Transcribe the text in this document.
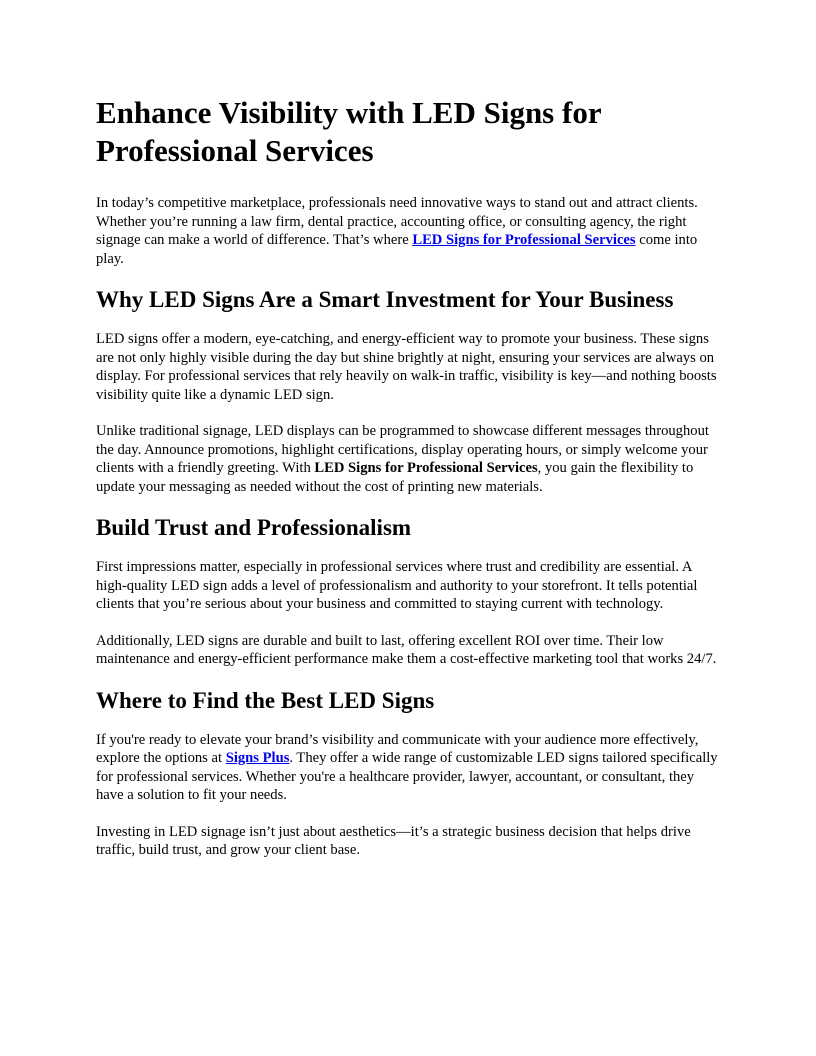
Enhance Visibility with LED Signs for Professional Services

In today’s competitive marketplace, professionals need innovative ways to stand out and attract clients. Whether you’re running a law firm, dental practice, accounting office, or consulting agency, the right signage can make a world of difference. That’s where LED Signs for Professional Services come into play.

Why LED Signs Are a Smart Investment for Your Business

LED signs offer a modern, eye-catching, and energy-efficient way to promote your business. These signs are not only highly visible during the day but shine brightly at night, ensuring your services are always on display. For professional services that rely heavily on walk-in traffic, visibility is key—and nothing boosts visibility quite like a dynamic LED sign.

Unlike traditional signage, LED displays can be programmed to showcase different messages throughout the day. Announce promotions, highlight certifications, display operating hours, or simply welcome your clients with a friendly greeting. With LED Signs for Professional Services, you gain the flexibility to update your messaging as needed without the cost of printing new materials.

Build Trust and Professionalism

First impressions matter, especially in professional services where trust and credibility are essential. A high-quality LED sign adds a level of professionalism and authority to your storefront. It tells potential clients that you’re serious about your business and committed to staying current with technology.

Additionally, LED signs are durable and built to last, offering excellent ROI over time. Their low maintenance and energy-efficient performance make them a cost-effective marketing tool that works 24/7.

Where to Find the Best LED Signs

If you're ready to elevate your brand’s visibility and communicate with your audience more effectively, explore the options at Signs Plus. They offer a wide range of customizable LED signs tailored specifically for professional services. Whether you're a healthcare provider, lawyer, accountant, or consultant, they have a solution to fit your needs.

Investing in LED signage isn’t just about aesthetics—it’s a strategic business decision that helps drive traffic, build trust, and grow your client base.
